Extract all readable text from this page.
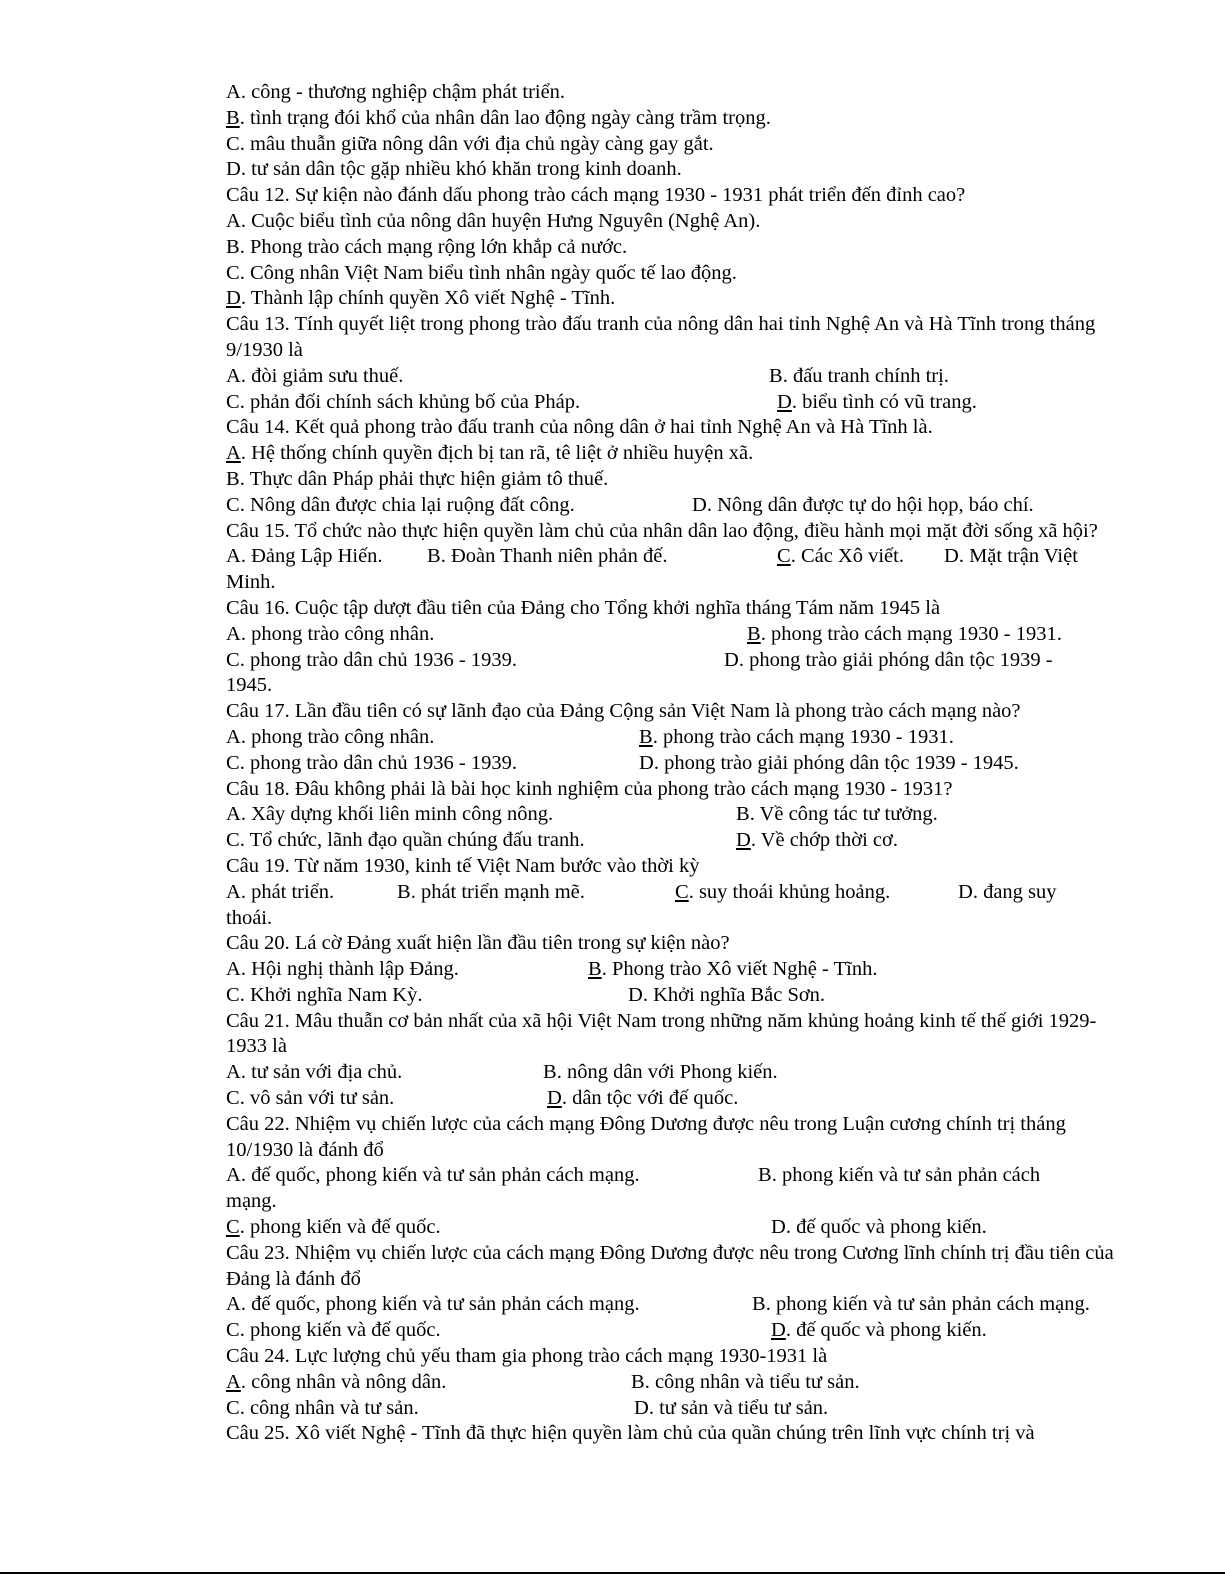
A. công - thương nghiệp chậm phát triển.
B. tình trạng đói khổ của nhân dân lao động ngày càng trầm trọng.
C. mâu thuẫn giữa nông dân với địa chủ ngày càng gay gắt.
D. tư sản dân tộc gặp nhiều khó khăn trong kinh doanh.
Câu 12. Sự kiện nào đánh dấu phong trào cách mạng 1930 - 1931 phát triển đến đỉnh cao?
A. Cuộc biểu tình của nông dân huyện Hưng Nguyên (Nghệ An).
B. Phong trào cách mạng rộng lớn khắp cả nước.
C. Công nhân Việt Nam biểu tình nhân ngày quốc tế lao động.
D. Thành lập chính quyền Xô viết Nghệ - Tĩnh.
Câu 13. Tính quyết liệt trong phong trào đấu tranh của nông dân hai tỉnh Nghệ An và Hà Tĩnh trong tháng 9/1930 là
A. đòi giảm sưu thuế.	B. đấu tranh chính trị.
C. phản đối chính sách khủng bố của Pháp.	D. biểu tình có vũ trang.
Câu 14. Kết quả phong trào đấu tranh của nông dân ở hai tỉnh Nghệ An và Hà Tĩnh là.
A. Hệ thống chính quyền địch bị tan rã, tê liệt ở nhiều huyện xã.
B. Thực dân Pháp phải thực hiện giảm tô thuế.
C. Nông dân được chia lại ruộng đất công.	D. Nông dân được tự do hội họp, báo chí.
Câu 15. Tổ chức nào thực hiện quyền làm chủ của nhân dân lao động, điều hành mọi mặt đời sống xã hội?
A. Đảng Lập Hiến. B. Đoàn Thanh niên phản đế.	C. Các Xô viết. D. Mặt trận Việt
Minh.
Câu 16. Cuộc tập dượt đầu tiên của Đảng cho Tổng khởi nghĩa tháng Tám năm 1945 là
A. phong trào công nhân.	B. phong trào cách mạng 1930 - 1931.
C. phong trào dân chủ 1936 - 1939.	D. phong trào giải phóng dân tộc 1939 -
1945.
Câu 17. Lần đầu tiên có sự lãnh đạo của Đảng Cộng sản Việt Nam là phong trào cách mạng nào?
A. phong trào công nhân.	B. phong trào cách mạng 1930 - 1931.
C. phong trào dân chủ 1936 - 1939.	D. phong trào giải phóng dân tộc 1939 - 1945.
Câu 18. Đâu không phải là bài học kinh nghiệm của phong trào cách mạng 1930 - 1931?
A. Xây dựng khối liên minh công nông.	B. Về công tác tư tưởng.
C. Tổ chức, lãnh đạo quần chúng đấu tranh.	D. Về chớp thời cơ.
Câu 19. Từ năm 1930, kinh tế Việt Nam bước vào thời kỳ
A. phát triển.	B. phát triển mạnh mẽ.	C. suy thoái khủng hoảng.	D. đang suy
thoái.
Câu 20. Lá cờ Đảng xuất hiện lần đầu tiên trong sự kiện nào?
A. Hội nghị thành lập Đảng.	B. Phong trào Xô viết Nghệ - Tĩnh.
C. Khởi nghĩa Nam Kỳ.	D. Khởi nghĩa Bắc Sơn.
Câu 21. Mâu thuẫn cơ bản nhất của xã hội Việt Nam trong những năm khủng hoảng kinh tế thế giới 1929-1933 là
A. tư sản với địa chủ.	B. nông dân với Phong kiến.
C. vô sản với tư sản.	D. dân tộc với đế quốc.
Câu 22. Nhiệm vụ chiến lược của cách mạng Đông Dương được nêu trong Luận cương chính trị tháng 10/1930 là đánh đổ
A. đế quốc, phong kiến và tư sản phản cách mạng.	B. phong kiến và tư sản phản cách
mạng.
C. phong kiến và đế quốc.	D. đế quốc và phong kiến.
Câu 23. Nhiệm vụ chiến lược của cách mạng Đông Dương được nêu trong Cương lĩnh chính trị đầu tiên của Đảng là đánh đổ
A. đế quốc, phong kiến và tư sản phản cách mạng.	B. phong kiến và tư sản phản cách mạng.
C. phong kiến và đế quốc.	D. đế quốc và phong kiến.
Câu 24. Lực lượng chủ yếu tham gia phong trào cách mạng 1930-1931 là
A. công nhân và nông dân.	B. công nhân và tiểu tư sản.
C. công nhân và tư sản.	D. tư sản và tiểu tư sản.
Câu 25. Xô viết Nghệ - Tĩnh đã thực hiện quyền làm chủ của quần chúng trên lĩnh vực chính trị và
